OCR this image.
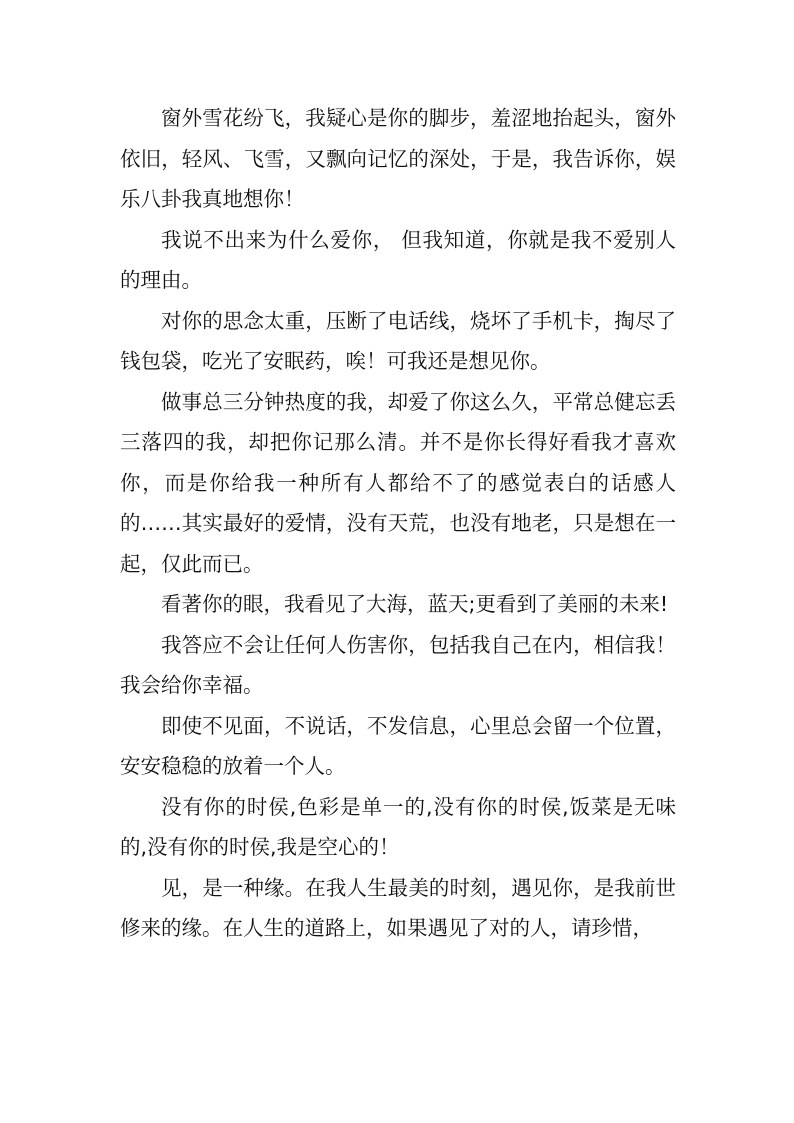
窗外雪花纷飞，我疑心是你的脚步，羞涩地抬起头，窗外依旧，轻风、飞雪，又飘向记忆的深处，于是，我告诉你，娱乐八卦我真地想你！

我说不出来为什么爱你， 但我知道，你就是我不爱别人的理由。

对你的思念太重，压断了电话线，烧坏了手机卡，掏尽了钱包袋，吃光了安眠药，唉！可我还是想见你。

做事总三分钟热度的我，却爱了你这么久，平常总健忘丢三落四的我，却把你记那么清。并不是你长得好看我才喜欢你，而是你给我一种所有人都给不了的感觉表白的话感人的……其实最好的爱情，没有天荒，也没有地老，只是想在一起，仅此而已。

看著你的眼，我看见了大海，蓝天;更看到了美丽的未来!

我答应不会让任何人伤害你，包括我自己在内，相信我！我会给你幸福。

即使不见面，不说话，不发信息，心里总会留一个位置，安安稳稳的放着一个人。

没有你的时侯,色彩是单一的,没有你的时侯,饭菜是无味的,没有你的时侯,我是空心的！

见，是一种缘。在我人生最美的时刻，遇见你，是我前世修来的缘。在人生的道路上，如果遇见了对的人，请珍惜，
